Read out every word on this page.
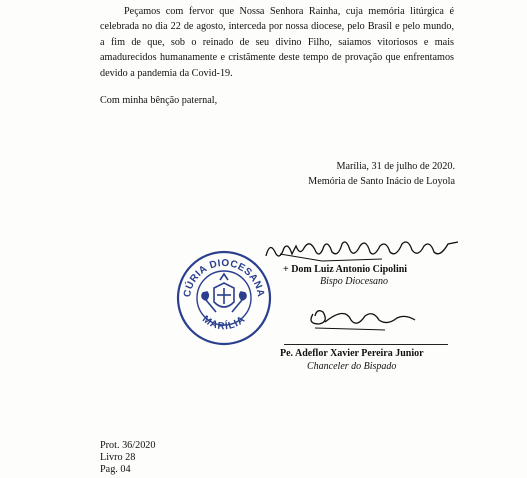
Peçamos com fervor que Nossa Senhora Rainha, cuja memória litúrgica é celebrada no dia 22 de agosto, interceda por nossa diocese, pelo Brasil e pelo mundo, a fim de que, sob o reinado de seu divino Filho, saiamos vitoriosos e mais amadurecidos humanamente e cristãmente deste tempo de provação que enfrentamos devido a pandemia da Covid-19.

Com minha bênção paternal,

Marília, 31 de julho de 2020.

Memória de Santo Inácio de Loyola

CÚRIA DIOCESANA
MARÍLIA
+ Dom Luiz Antonio Cipolini
Bispo Diocesano
Pe. Adeflor Xavier Pereira Junior
Chanceler do Bispado

Prot. 36/2020

Livro 28

Pag. 04
